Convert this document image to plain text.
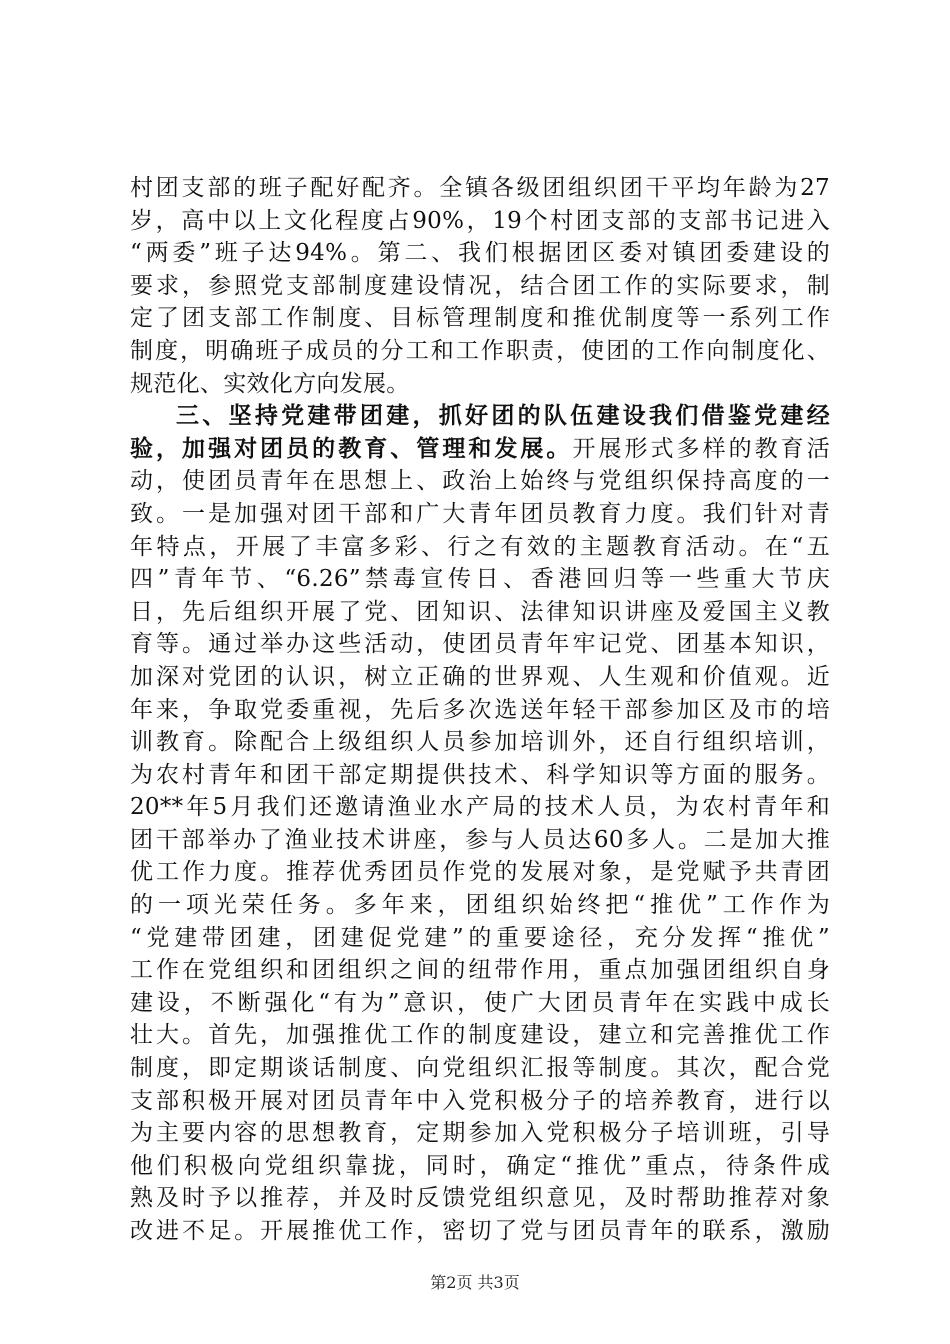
村团支部的班子配好配齐。全镇各级团组织团干平均年龄为27
岁，高中以上文化程度占90%，19个村团支部的支部书记进入
“两委”班子达94%。第二、我们根据团区委对镇团委建设的
要求，参照党支部制度建设情况，结合团工作的实际要求，制
定了团支部工作制度、目标管理制度和推优制度等一系列工作
制度，明确班子成员的分工和工作职责，使团的工作向制度化、
规范化、实效化方向发展。
三、坚持党建带团建，抓好团的队伍建设我们借鉴党建经
验，加强对团员的教育、管理和发展。开展形式多样的教育活
动，使团员青年在思想上、政治上始终与党组织保持高度的一
致。一是加强对团干部和广大青年团员教育力度。我们针对青
年特点，开展了丰富多彩、行之有效的主题教育活动。在“五
四”青年节、“6.26”禁毒宣传日、香港回归等一些重大节庆
日，先后组织开展了党、团知识、法律知识讲座及爱国主义教
育等。通过举办这些活动，使团员青年牢记党、团基本知识，
加深对党团的认识，树立正确的世界观、人生观和价值观。近
年来，争取党委重视，先后多次选送年轻干部参加区及市的培
训教育。除配合上级组织人员参加培训外，还自行组织培训，
为农村青年和团干部定期提供技术、科学知识等方面的服务。
20**年5月我们还邀请渔业水产局的技术人员，为农村青年和
团干部举办了渔业技术讲座，参与人员达60多人。二是加大推
优工作力度。推荐优秀团员作党的发展对象，是党赋予共青团
的一项光荣任务。多年来，团组织始终把“推优”工作作为
“党建带团建，团建促党建”的重要途径，充分发挥“推优”
工作在党组织和团组织之间的纽带作用，重点加强团组织自身
建设，不断强化“有为”意识，使广大团员青年在实践中成长
壮大。首先，加强推优工作的制度建设，建立和完善推优工作
制度，即定期谈话制度、向党组织汇报等制度。其次，配合党
支部积极开展对团员青年中入党积极分子的培养教育，进行以
为主要内容的思想教育，定期参加入党积极分子培训班，引导
他们积极向党组织靠拢，同时，确定“推优”重点，待条件成
熟及时予以推荐，并及时反馈党组织意见，及时帮助推荐对象
改进不足。开展推优工作，密切了党与团员青年的联系，激励
第2页 共3页
